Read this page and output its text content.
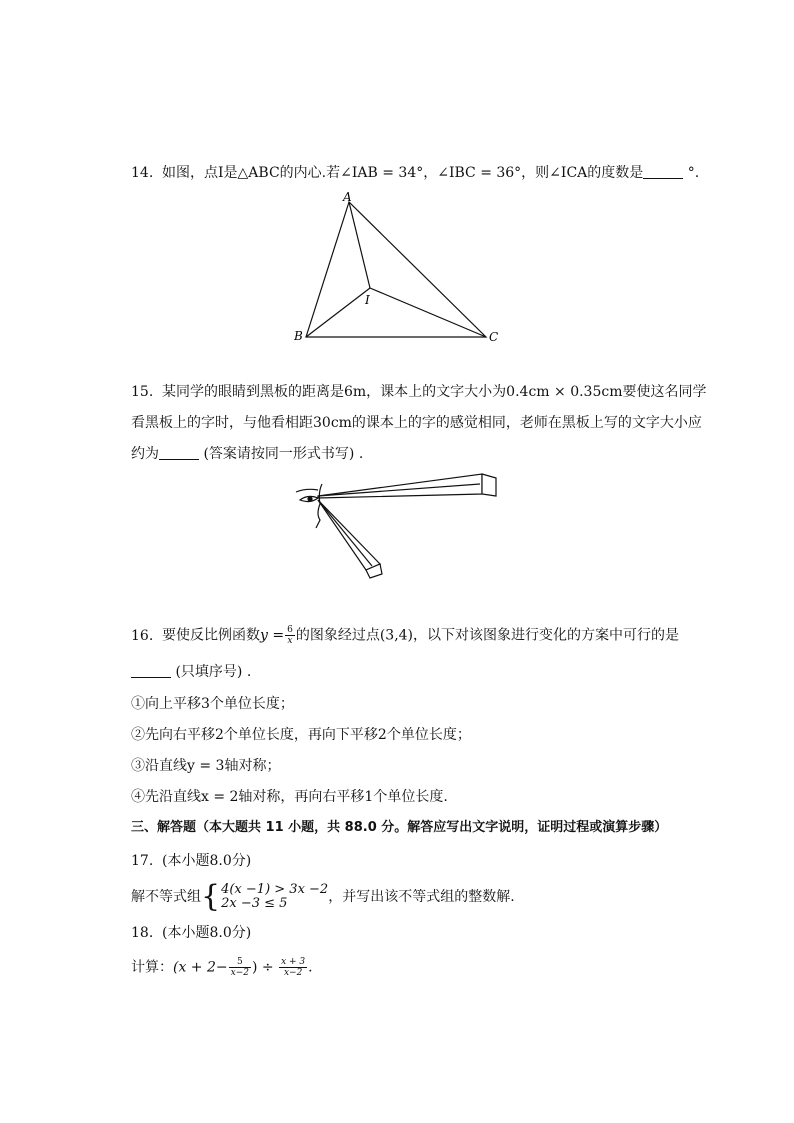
14. 如图，点I是△ABC的内心.若∠IAB = 34°，∠IBC = 36°，则∠ICA的度数是	°.
A
B	C
I
15. 某同学的眼睛到黑板的距离是6m，课本上的文字大小为0.4cm × 0.35cm要使这名同学
看黑板上的字时，与他看相距30cm的课本上的字的感觉相同，老师在黑板上写的文字大小应
约为	(答案请按同一形式书写) .
16. 要使反比例函数$y = \frac{6}{x}$ 的图象经过点(3,4)，以下对该图象进行变化的方案中可行的是
(只填序号) .
①向上平移3个单位长度；
②先向右平移2个单位长度，再向下平移2个单位长度；
③沿直线y = 3轴对称；
④先沿直线x = 2轴对称，再向右平移1个单位长度.
三、解答题（本大题共 11 小题，共 88.0 分。解答应写出文字说明，证明过程或演算步骤）
17. (本小题8.0分)
解不等式组 { 4(x −1) > 3x −2
2x −3 ≤ 5	，并写出该不等式组的整数解.
18. (本小题8.0分)
计算：($x + 2- \frac{5}{x-2}$ ) ÷ $\frac{x + 3}{x-2}$ .
